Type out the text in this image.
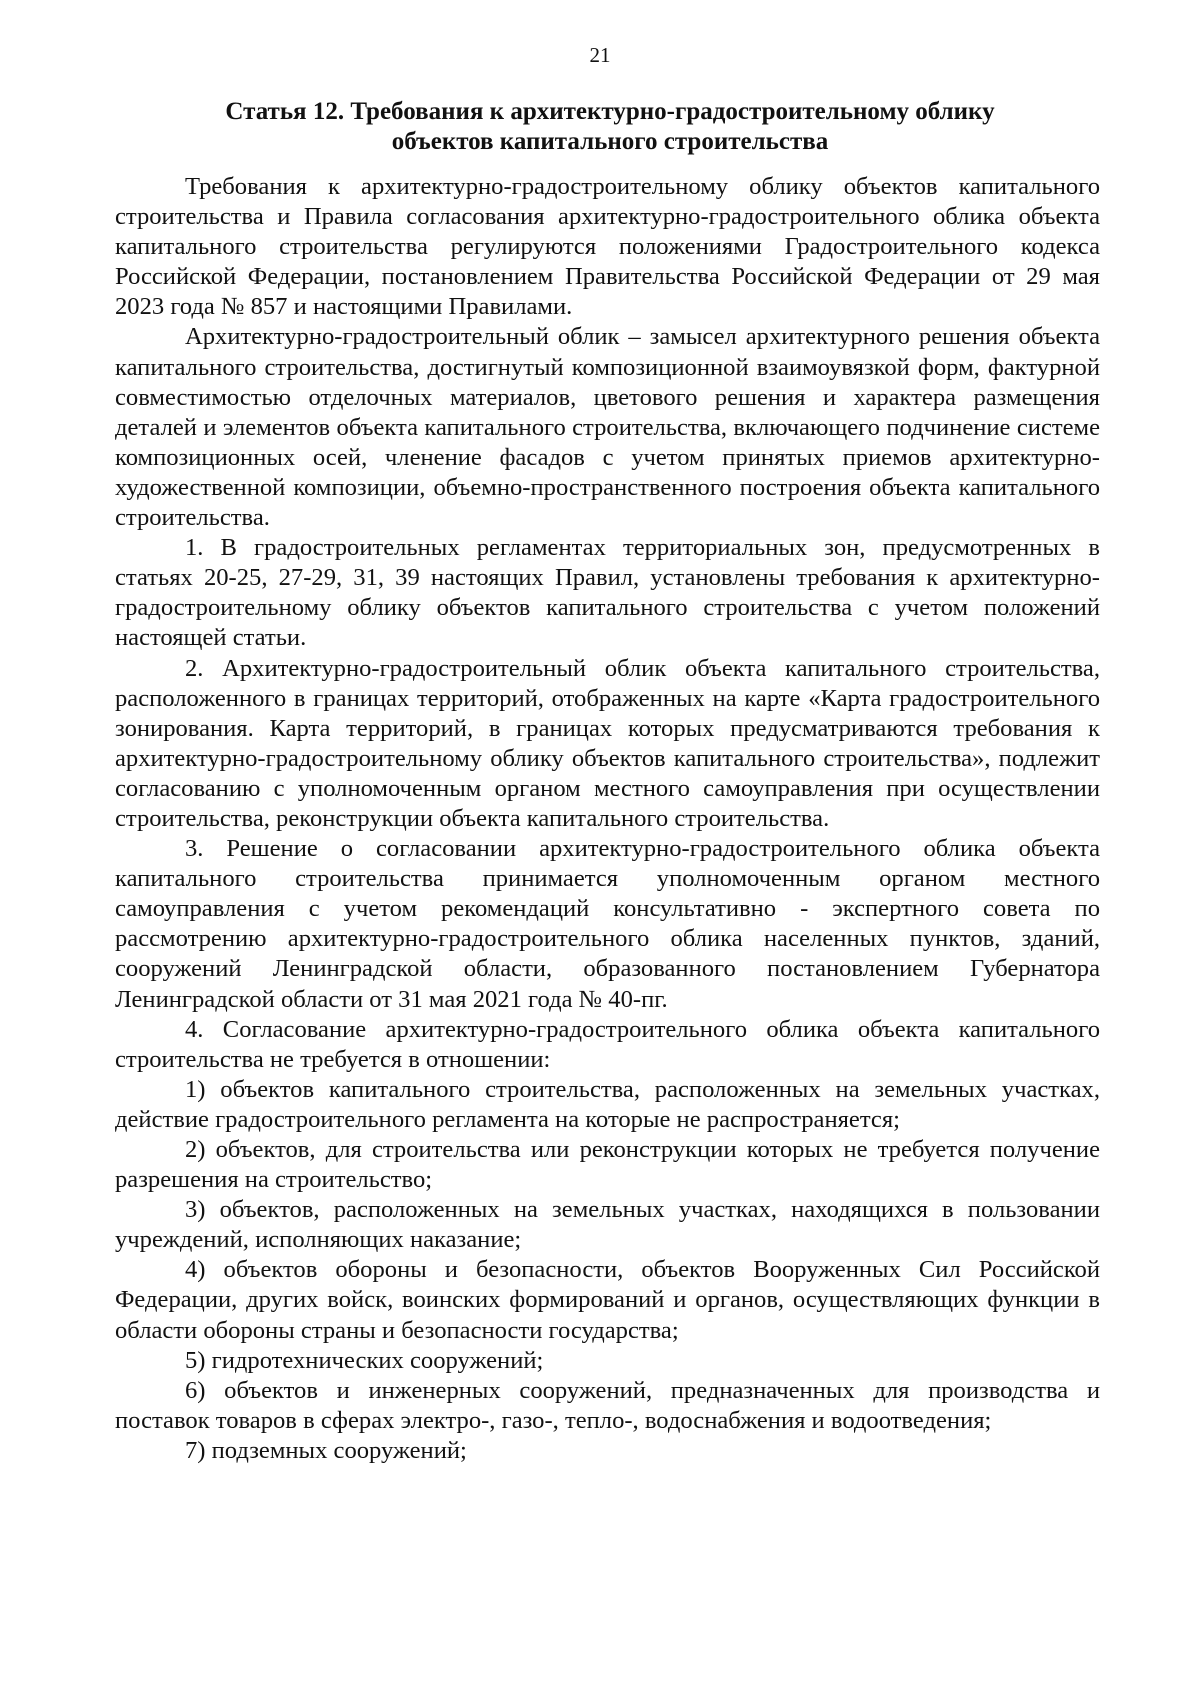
21
Статья 12. Требования к архитектурно-градостроительному облику
объектов капитального строительства

Требования к архитектурно-градостроительному облику объектов капитального строительства и Правила согласования архитектурно-градостроительного облика объекта капитального строительства регулируются положениями Градостроительного кодекса Российской Федерации, постановлением Правительства Российской Федерации от 29 мая 2023 года № 857 и настоящими Правилами.

Архитектурно-градостроительный облик – замысел архитектурного решения объекта капитального строительства, достигнутый композиционной взаимоувязкой форм, фактурной совместимостью отделочных материалов, цветового решения и характера размещения деталей и элементов объекта капитального строительства, включающего подчинение системе композиционных осей, членение фасадов с учетом принятых приемов архитектурно-художественной композиции, объемно-пространственного построения объекта капитального строительства.

1. В градостроительных регламентах территориальных зон, предусмотренных в статьях 20-25, 27-29, 31, 39 настоящих Правил, установлены требования к архитектурно-градостроительному облику объектов капитального строительства с учетом положений настоящей статьи.

2. Архитектурно-градостроительный облик объекта капитального строительства, расположенного в границах территорий, отображенных на карте «Карта градостроительного зонирования. Карта территорий, в границах которых предусматриваются требования к архитектурно-градостроительному облику объектов капитального строительства», подлежит согласованию с уполномоченным органом местного самоуправления при осуществлении строительства, реконструкции объекта капитального строительства.

3. Решение о согласовании архитектурно-градостроительного облика объекта капитального строительства принимается уполномоченным органом местного самоуправления с учетом рекомендаций консультативно - экспертного совета по рассмотрению архитектурно-градостроительного облика населенных пунктов, зданий, сооружений Ленинградской области, образованного постановлением Губернатора Ленинградской области от 31 мая 2021 года № 40-пг.

4. Согласование архитектурно-градостроительного облика объекта капитального строительства не требуется в отношении:

1) объектов капитального строительства, расположенных на земельных участках, действие градостроительного регламента на которые не распространяется;

2) объектов, для строительства или реконструкции которых не требуется получение разрешения на строительство;

3) объектов, расположенных на земельных участках, находящихся в пользовании учреждений, исполняющих наказание;

4) объектов обороны и безопасности, объектов Вооруженных Сил Российской Федерации, других войск, воинских формирований и органов, осуществляющих функции в области обороны страны и безопасности государства;

5) гидротехнических сооружений;

6) объектов и инженерных сооружений, предназначенных для производства и поставок товаров в сферах электро-, газо-, тепло-, водоснабжения и водоотведения;

7) подземных сооружений;
